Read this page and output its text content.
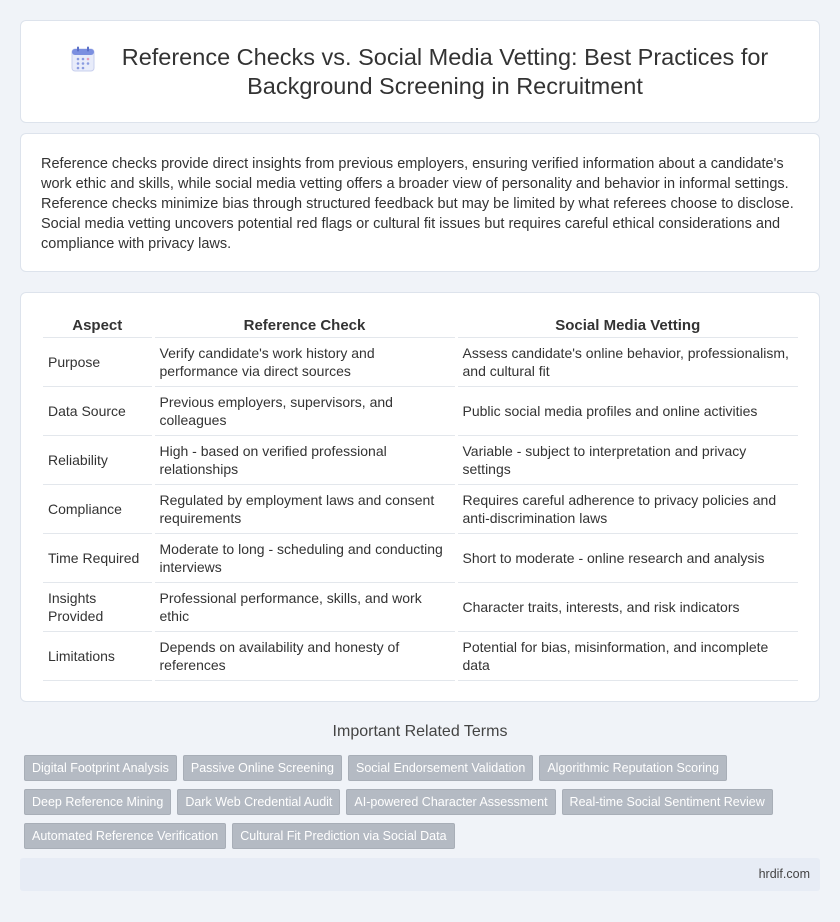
Reference Checks vs. Social Media Vetting: Best Practices for Background Screening in Recruitment

Reference checks provide direct insights from previous employers, ensuring verified information about a candidate's work ethic and skills, while social media vetting offers a broader view of personality and behavior in informal settings. Reference checks minimize bias through structured feedback but may be limited by what referees choose to disclose. Social media vetting uncovers potential red flags or cultural fit issues but requires careful ethical considerations and compliance with privacy laws.

Aspect	Reference Check	Social Media Vetting
Purpose	Verify candidate's work history and performance via direct sources	Assess candidate's online behavior, professionalism, and cultural fit
Data Source	Previous employers, supervisors, and colleagues	Public social media profiles and online activities
Reliability	High - based on verified professional relationships	Variable - subject to interpretation and privacy settings
Compliance	Regulated by employment laws and consent requirements	Requires careful adherence to privacy policies and anti-discrimination laws
Time Required	Moderate to long - scheduling and conducting interviews	Short to moderate - online research and analysis
Insights Provided	Professional performance, skills, and work ethic	Character traits, interests, and risk indicators
Limitations	Depends on availability and honesty of references	Potential for bias, misinformation, and incomplete data
Important Related Terms
Digital Footprint Analysis	Passive Online Screening	Social Endorsement Validation	Algorithmic Reputation Scoring
Deep Reference Mining	Dark Web Credential Audit	AI-powered Character Assessment	Real-time Social Sentiment Review
Automated Reference Verification	Cultural Fit Prediction via Social Data
hrdif.com
